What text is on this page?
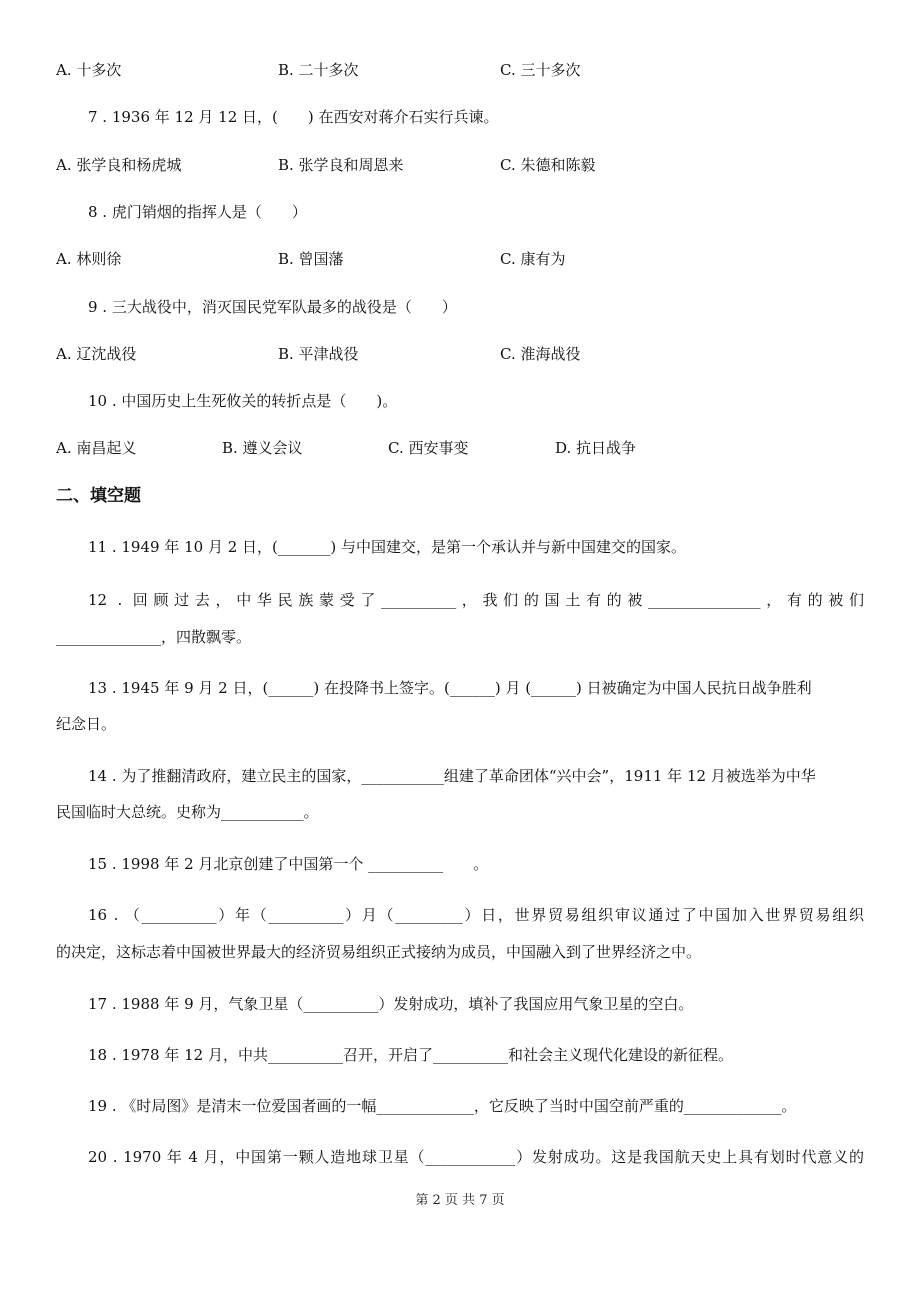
A. 十多次	B. 二十多次	C. 三十多次
7 . 1936 年 12 月 12 日，(　　) 在西安对蒋介石实行兵谏。
A. 张学良和杨虎城	B. 张学良和周恩来	C. 朱德和陈毅
8 . 虎门销烟的指挥人是（　　）
A. 林则徐	B. 曾国藩	C. 康有为
9 . 三大战役中，消灭国民党军队最多的战役是（　　）
A. 辽沈战役	B. 平津战役	C. 淮海战役
10 . 中国历史上生死攸关的转折点是（　　)。
A. 南昌起义	B. 遵义会议	C. 西安事变	D. 抗日战争
二、填空题
11 . 1949 年 10 月 2 日，(_______) 与中国建交，是第一个承认并与新中国建交的国家。
12 . 回顾过去，中华民族蒙受了__________，我们的国土有的被_______________，有的被们
______________，四散飘零。
13 . 1945 年 9 月 2 日，(______) 在投降书上签字。(______) 月 (______) 日被确定为中国人民抗日战争胜利
纪念日。
14 . 为了推翻清政府，建立民主的国家，___________组建了革命团体“兴中会”，1911 年 12 月被选举为中华
民国临时大总统。史称为___________。
15 . 1998 年 2 月北京创建了中国第一个 __________　　。
16 . （__________）年（__________）月（_________）日，世界贸易组织审议通过了中国加入世界贸易组织
的决定，这标志着中国被世界最大的经济贸易组织正式接纳为成员，中国融入到了世界经济之中。
17 . 1988 年 9 月，气象卫星（__________）发射成功，填补了我国应用气象卫星的空白。
18 . 1978 年 12 月，中共__________召开，开启了__________和社会主义现代化建设的新征程。
19 . 《时局图》是清末一位爱国者画的一幅_____________，它反映了当时中国空前严重的_____________。
20 . 1970 年 4 月，中国第一颗人造地球卫星（____________）发射成功。这是我国航天史上具有划时代意义的
第 2 页 共 7 页
